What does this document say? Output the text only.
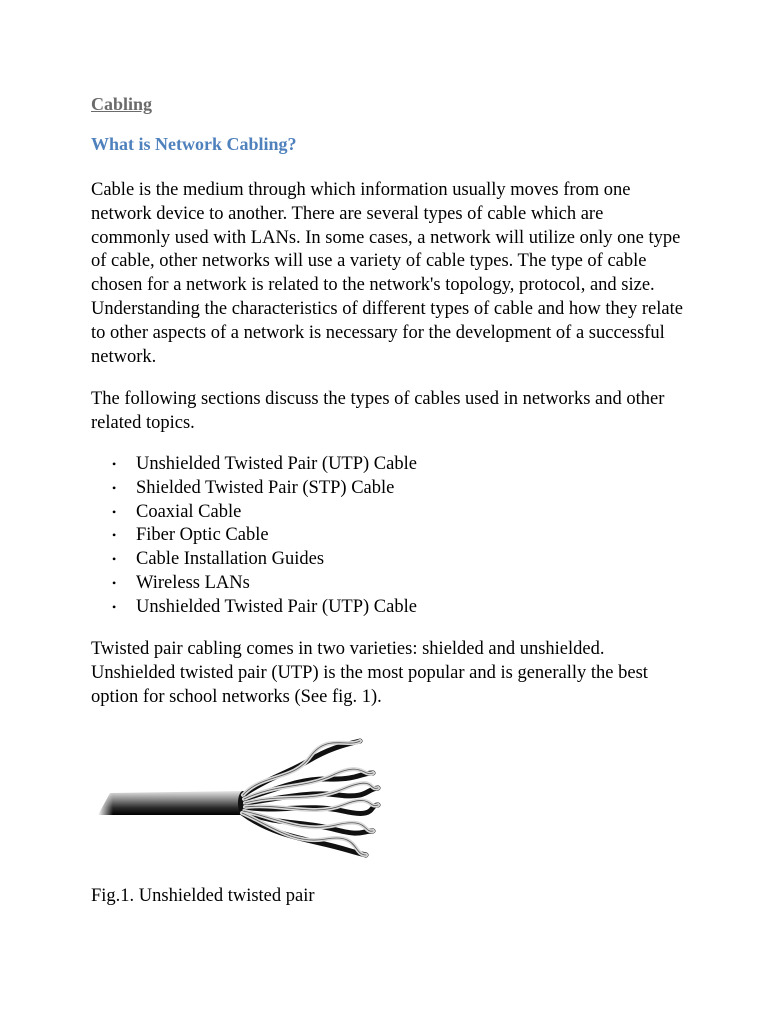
Cabling
What is Network Cabling?

Cable is the medium through which information usually moves from one network device to another. There are several types of cable which are commonly used with LANs. In some cases, a network will utilize only one type of cable, other networks will use a variety of cable types. The type of cable chosen for a network is related to the network's topology, protocol, and size. Understanding the characteristics of different types of cable and how they relate to other aspects of a network is necessary for the development of a successful network.

The following sections discuss the types of cables used in networks and other related topics.

• Unshielded Twisted Pair (UTP) Cable
• Shielded Twisted Pair (STP) Cable
• Coaxial Cable
• Fiber Optic Cable
• Cable Installation Guides
• Wireless LANs
• Unshielded Twisted Pair (UTP) Cable

Twisted pair cabling comes in two varieties: shielded and unshielded. Unshielded twisted pair (UTP) is the most popular and is generally the best option for school networks (See fig. 1).

Fig.1. Unshielded twisted pair
